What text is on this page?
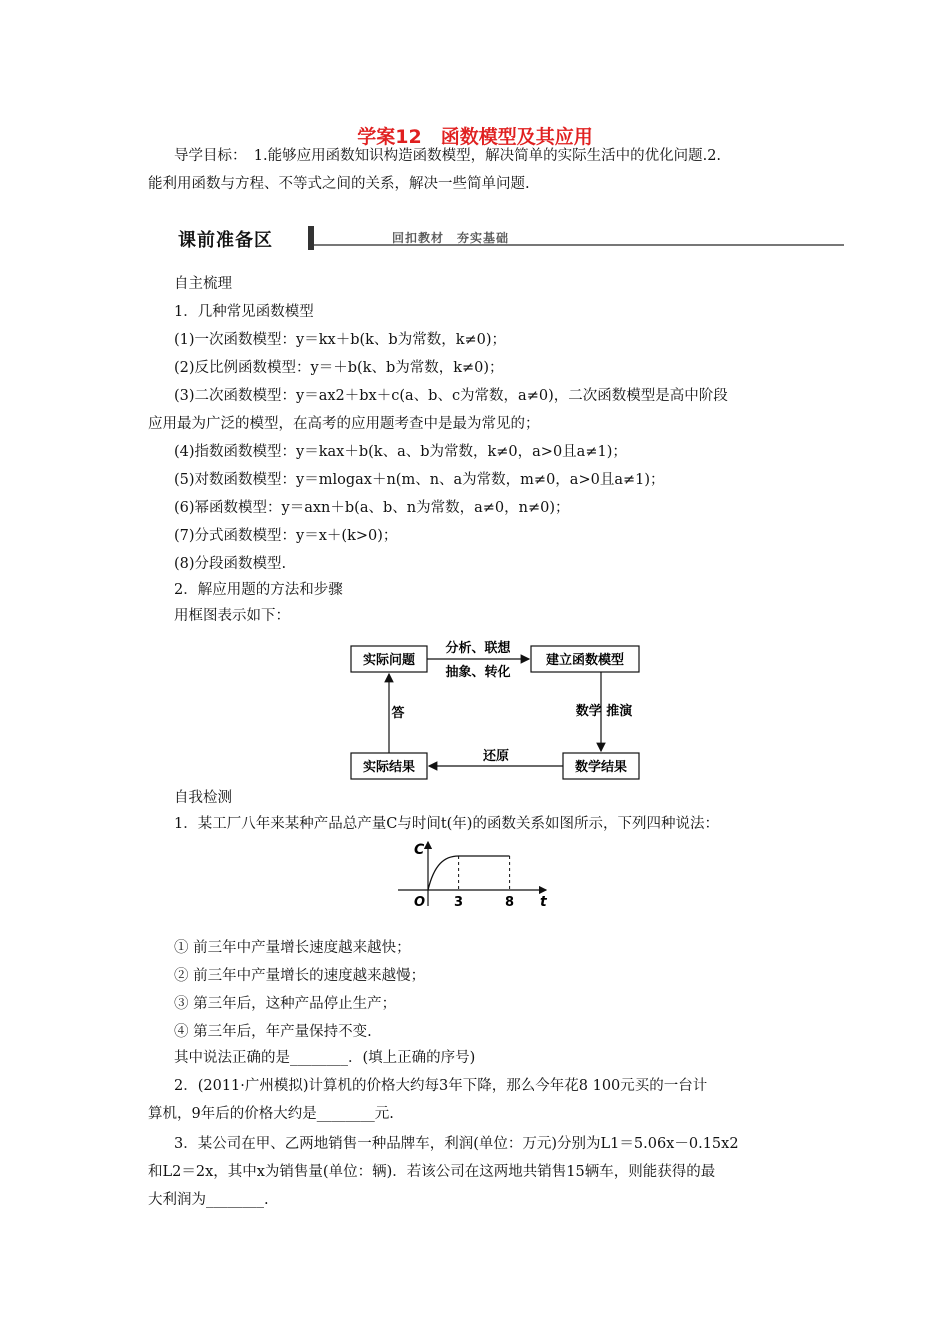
学案12　函数模型及其应用
导学目标：　1.能够应用函数知识构造函数模型，解决简单的实际生活中的优化问题.2.
能利用函数与方程、不等式之间的关系，解决一些简单问题.
课前准备区	回扣教材　夯实基础
自主梳理
1．几种常见函数模型
(1)一次函数模型：y＝kx＋b(k、b为常数，k≠0)；
(2)反比例函数模型：y＝＋b(k、b为常数，k≠0)；
(3)二次函数模型：y＝ax2＋bx＋c(a、b、c为常数，a≠0)，二次函数模型是高中阶段
应用最为广泛的模型，在高考的应用题考查中是最为常见的；
(4)指数函数模型：y＝kax＋b(k、a、b为常数，k≠0，a>0且a≠1)；
(5)对数函数模型：y＝mlogax＋n(m、n、a为常数，m≠0，a>0且a≠1)；
(6)幂函数模型：y＝axn＋b(a、b、n为常数，a≠0，n≠0)；
(7)分式函数模型：y＝x＋(k>0)；
(8)分段函数模型.
2．解应用题的方法和步骤
用框图表示如下：
实际问题	建立函数模型
数学结果
实际结果
分析、联想
抽象、转化
数学 推演
还原
答
自我检测
1．某工厂八年来某种产品总产量C与时间t(年)的函数关系如图所示，下列四种说法：
C
t
O 3	8
① 前三年中产量增长速度越来越快；
② 前三年中产量增长的速度越来越慢；
③ 第三年后，这种产品停止生产；
④ 第三年后，年产量保持不变.
其中说法正确的是________．(填上正确的序号)
2．(2011·广州模拟)计算机的价格大约每3年下降，那么今年花8 100元买的一台计
算机，9年后的价格大约是________元.
3．某公司在甲、乙两地销售一种品牌车，利润(单位：万元)分别为L1＝5.06x－0.15x2
和L2＝2x，其中x为销售量(单位：辆)．若该公司在这两地共销售15辆车，则能获得的最
大利润为________.
